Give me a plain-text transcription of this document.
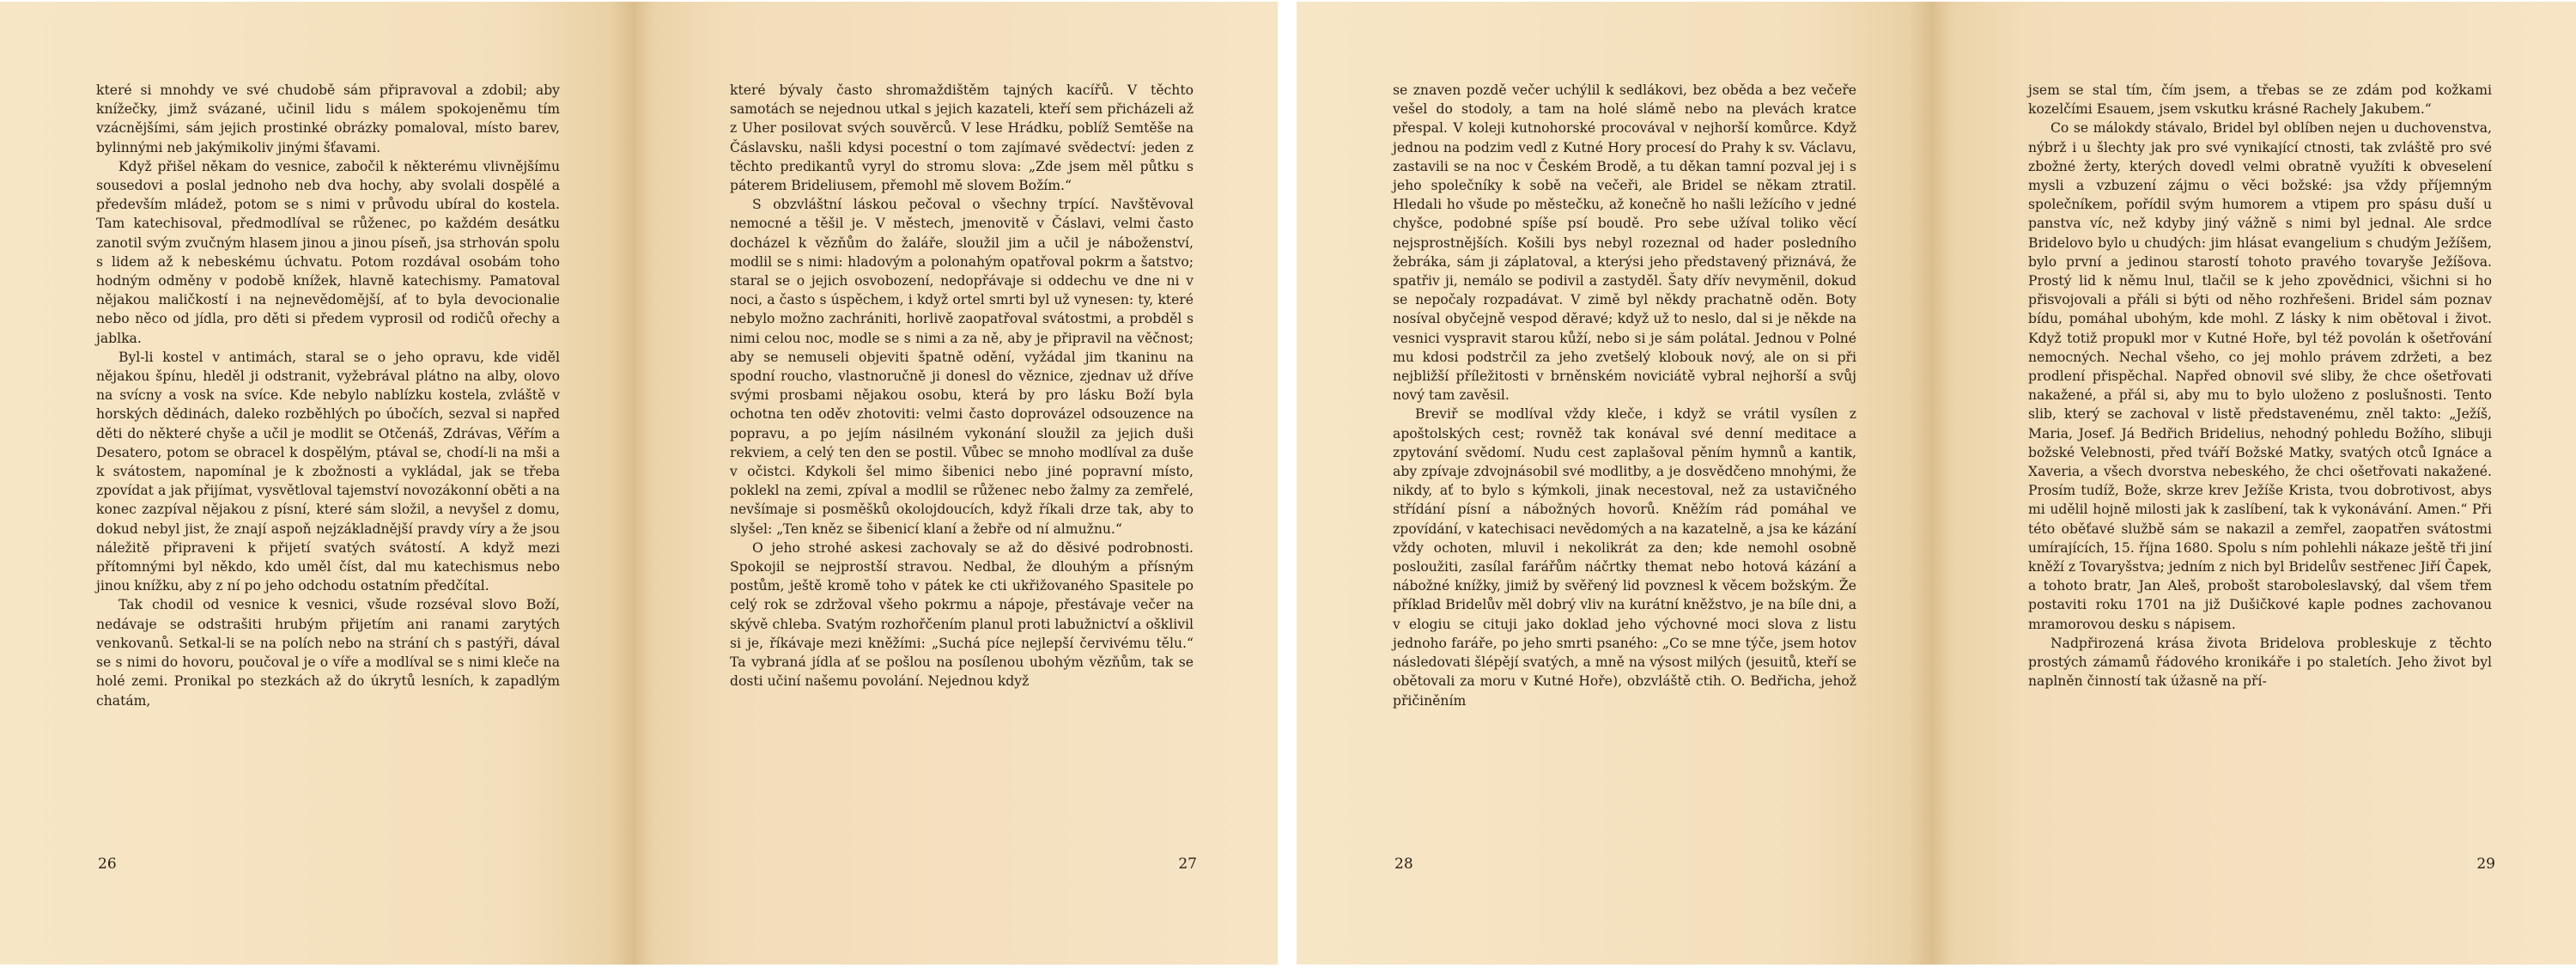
které si mnohdy ve své chudobě sám připravoval a zdobil; aby knížečky, jimž svázané, učinil lidu s málem spokojeněmu tím vzácnějšími, sám jejich prostinké obrázky pomaloval, místo barev, bylinnými neb jakýmikoliv jinými šťavami.

Když přišel někam do vesnice, zabočil k některému vlivnějšímu sousedovi a poslal jednoho neb dva hochy, aby svolali dospělé a především mládež, potom se s nimi v průvodu ubíral do kostela. Tam katechisoval, předmodlíval se růženec, po každém desátku zanotil svým zvučným hlasem jinou a jinou píseň, jsa strhován spolu s lidem až k nebeskému úchvatu. Potom rozdával osobám toho hodným odměny v podobě knížek, hlavně katechismy. Pamatoval nějakou maličkostí i na nejnevědomější, ať to byla devocionalie nebo něco od jídla, pro děti si předem vyprosil od rodičů ořechy a jablka.

Byl-li kostel v antimách, staral se o jeho opravu, kde viděl nějakou špínu, hleděl ji odstranit, vyžebrával plátno na alby, olovo na svícny a vosk na svíce. Kde nebylo nablízku kostela, zvláště v horských dědinách, daleko rozběhlých po úbočích, sezval si napřed děti do některé chyše a učil je modlit se Otčenáš, Zdrávas, Věřím a Desatero, potom se obracel k dospělým, ptával se, chodí-li na mši a k svátostem, napomínal je k zbožnosti a vykládal, jak se třeba zpovídat a jak přijímat, vysvětloval tajemství novozákonní oběti a na konec zazpíval nějakou z písní, které sám složil, a nevyšel z domu, dokud nebyl jist, že znají aspoň nejzákladnější pravdy víry a že jsou náležitě připraveni k přijetí svatých svátostí. A když mezi přítomnými byl někdo, kdo uměl číst, dal mu katechismus nebo jinou knížku, aby z ní po jeho odchodu ostatním předčítal.

Tak chodil od vesnice k vesnici, všude rozséval slovo Boží, nedávaje se odstrašiti hrubým přijetím ani ranami zarytých venkovanů. Setkal-li se na polích nebo na strání ch s pastýři, dával se s nimi do hovoru, poučoval je o víře a modlíval se s nimi kleče na holé zemi. Pronikal po stezkách až do úkrytů lesních, k zapadlým chatám,

26

které bývaly často shromaždištěm tajných kacířů. V těchto samotách se nejednou utkal s jejich kazateli, kteří sem přicházeli až z Uher posilovat svých souvěrců. V lese Hrádku, poblíž Semtěše na Čáslavsku, našli kdysi pocestní o tom zajímavé svědectví: jeden z těchto predikantů vyryl do stromu slova: „Zde jsem měl půtku s páterem Brideliusem, přemohl mě slovem Božím.“

S obzvláštní láskou pečoval o všechny trpící. Navštěvoval nemocné a těšil je. V městech, jmenovitě v Čáslavi, velmi často docházel k vězňům do žaláře, sloužil jim a učil je náboženství, modlil se s nimi: hladovým a polonahým opatřoval pokrm a šatstvo; staral se o jejich osvobození, nedopřávaje si oddechu ve dne ni v noci, a často s úspěchem, i když ortel smrti byl už vynesen: ty, které nebylo možno zachrániti, horlivě zaopatřoval svátostmi, a probděl s nimi celou noc, modle se s nimi a za ně, aby je připravil na věčnost; aby se nemuseli objeviti špatně odění, vyžádal jim tkaninu na spodní roucho, vlastnoručně ji donesl do věznice, zjednav už dříve svými prosbami nějakou osobu, která by pro lásku Boží byla ochotna ten oděv zhotoviti: velmi často doprovázel odsouzence na popravu, a po jejím násilném vykonání sloužil za jejich duši rekviem, a celý ten den se postil. Vůbec se mnoho modlíval za duše v očistci. Kdykoli šel mimo šibenici nebo jiné popravní místo, poklekl na zemi, zpíval a modlil se růženec nebo žalmy za zemřelé, nevšímaje si posměšků okolojdoucích, když říkali drze tak, aby to slyšel: „Ten kněz se šibenicí klaní a žebře od ní almužnu.“

O jeho strohé askesi zachovaly se až do děsivé podrobnosti. Spokojil se nejprostší stravou. Nedbal, že dlouhým a přísným postům, ještě kromě toho v pátek ke cti ukřižovaného Spasitele po celý rok se zdržoval všeho pokrmu a nápoje, přestávaje večer na skývě chleba. Svatým rozhořčením planul proti labužnictví a ošklivil si je, říkávaje mezi kněžími: „Suchá píce nejlepší červivému tělu.“ Ta vybraná jídla ať se pošlou na posílenou ubohým vězňům, tak se dosti učiní našemu povolání. Nejednou když

27

se znaven pozdě večer uchýlil k sedlákovi, bez oběda a bez večeře vešel do stodoly, a tam na holé slámě nebo na plevách kratce přespal. V koleji kutnohorské procovával v nejhorší komůrce. Když jednou na podzim vedl z Kutné Hory procesí do Prahy k sv. Václavu, zastavili se na noc v Českém Brodě, a tu děkan tamní pozval jej i s jeho společníky k sobě na večeři, ale Bridel se někam ztratil. Hledali ho všude po městečku, až konečně ho našli ležícího v jedné chyšce, podobné spíše psí boudě. Pro sebe užíval toliko věcí nejsprostnějších. Košili bys nebyl rozeznal od hader posledního žebráka, sám ji záplatoval, a kterýsi jeho představený přiznává, že spatřiv ji, nemálo se podivil a zastyděl. Šaty dřív nevyměnil, dokud se nepočaly rozpadávat. V zimě byl někdy prachatně oděn. Boty nosíval obyčejně vespod děravé; když už to neslo, dal si je někde na vesnici vyspravit starou kůží, nebo si je sám polátal. Jednou v Polné mu kdosi podstrčil za jeho zvetšelý klobouk nový, ale on si při nejbližší příležitosti v brněnském noviciátě vybral nejhorší a svůj nový tam zavěsil.

Breviř se modlíval vždy kleče, i když se vrátil vysílen z apoštolských cest; rovněž tak konával své denní meditace a zpytování svědomí. Nudu cest zaplašoval pěním hymnů a kantik, aby zpívaje zdvojnásobil své modlitby, a je dosvědčeno mnohými, že nikdy, ať to bylo s kýmkoli, jinak necestoval, než za ustavičného střídání písní a nábožných hovorů. Kněžím rád pomáhal ve zpovídání, v katechisaci nevědomých a na kazatelně, a jsa ke kázání vždy ochoten, mluvil i nekolikrát za den; kde nemohl osobně posloužiti, zasílal farářům náčrtky themat nebo hotová kázání a nábožné knížky, jimiž by svěřený lid povznesl k věcem božským. Že příklad Bridelův měl dobrý vliv na kurátní kněžstvo, je na bíle dni, a v elogiu se cituji jako doklad jeho výchovné moci slova z listu jednoho faráře, po jeho smrti psaného: „Co se mne týče, jsem hotov následovati šlépějí svatých, a mně na výsost milých (jesuitů, kteří se obětovali za moru v Kutné Hoře), obzvláště ctih. O. Bedřicha, jehož přičiněním

28

jsem se stal tím, čím jsem, a třebas se ze zdám pod kožkami kozelčími Esauem, jsem vskutku krásné Rachely Jakubem.“

Co se málokdy stávalo, Bridel byl oblíben nejen u duchovenstva, nýbrž i u šlechty jak pro své vynikající ctnosti, tak zvláště pro své zbožné žerty, kterých dovedl velmi obratně využíti k obveselení mysli a vzbuzení zájmu o věci božské: jsa vždy příjemným společníkem, pořídil svým humorem a vtipem pro spásu duší u panstva víc, než kdyby jiný vážně s nimi byl jednal. Ale srdce Bridelovo bylo u chudých: jim hlásat evangelium s chudým Ježíšem, bylo první a jedinou starostí tohoto pravého tovaryše Ježíšova. Prostý lid k němu lnul, tlačil se k jeho zpovědnici, všichni si ho přisvojovali a přáli si býti od něho rozhřešeni. Bridel sám poznav bídu, pomáhal ubohým, kde mohl. Z lásky k nim obětoval i život. Když totiž propukl mor v Kutné Hoře, byl též povolán k ošetřování nemocných. Nechal všeho, co jej mohlo právem zdržeti, a bez prodlení přispěchal. Napřed obnovil své sliby, že chce ošetřovati nakažené, a přál si, aby mu to bylo uloženo z poslušnosti. Tento slib, který se zachoval v listě představenému, zněl takto: „Ježíš, Maria, Josef. Já Bedřich Bridelius, nehodný pohledu Božího, slibuji božské Velebnosti, před tváří Božské Matky, svatých otců Ignáce a Xaveria, a všech dvorstva nebeského, že chci ošetřovati nakažené. Prosím tudíž, Bože, skrze krev Ježíše Krista, tvou dobrotivost, abys mi udělil hojně milosti jak k zaslíbení, tak k vykonávání. Amen.“ Při této oběťavé službě sám se nakazil a zemřel, zaopatřen svátostmi umírajících, 15. října 1680. Spolu s ním pohlehli nákaze ještě tři jiní kněží z Tovaryšstva; jedním z nich byl Bridelův sestřenec Jiří Čapek, a tohoto bratr, Jan Aleš, probošt staroboleslavský, dal všem třem postaviti roku 1701 na již Dušičkové kaple podnes zachovanou mramorovou desku s nápisem.

Nadpřirozená krása života Bridelova probleskuje z těchto prostých zámamů řádového kronikáře i po staletích. Jeho život byl naplněn činností tak úžasně na pří-

29
